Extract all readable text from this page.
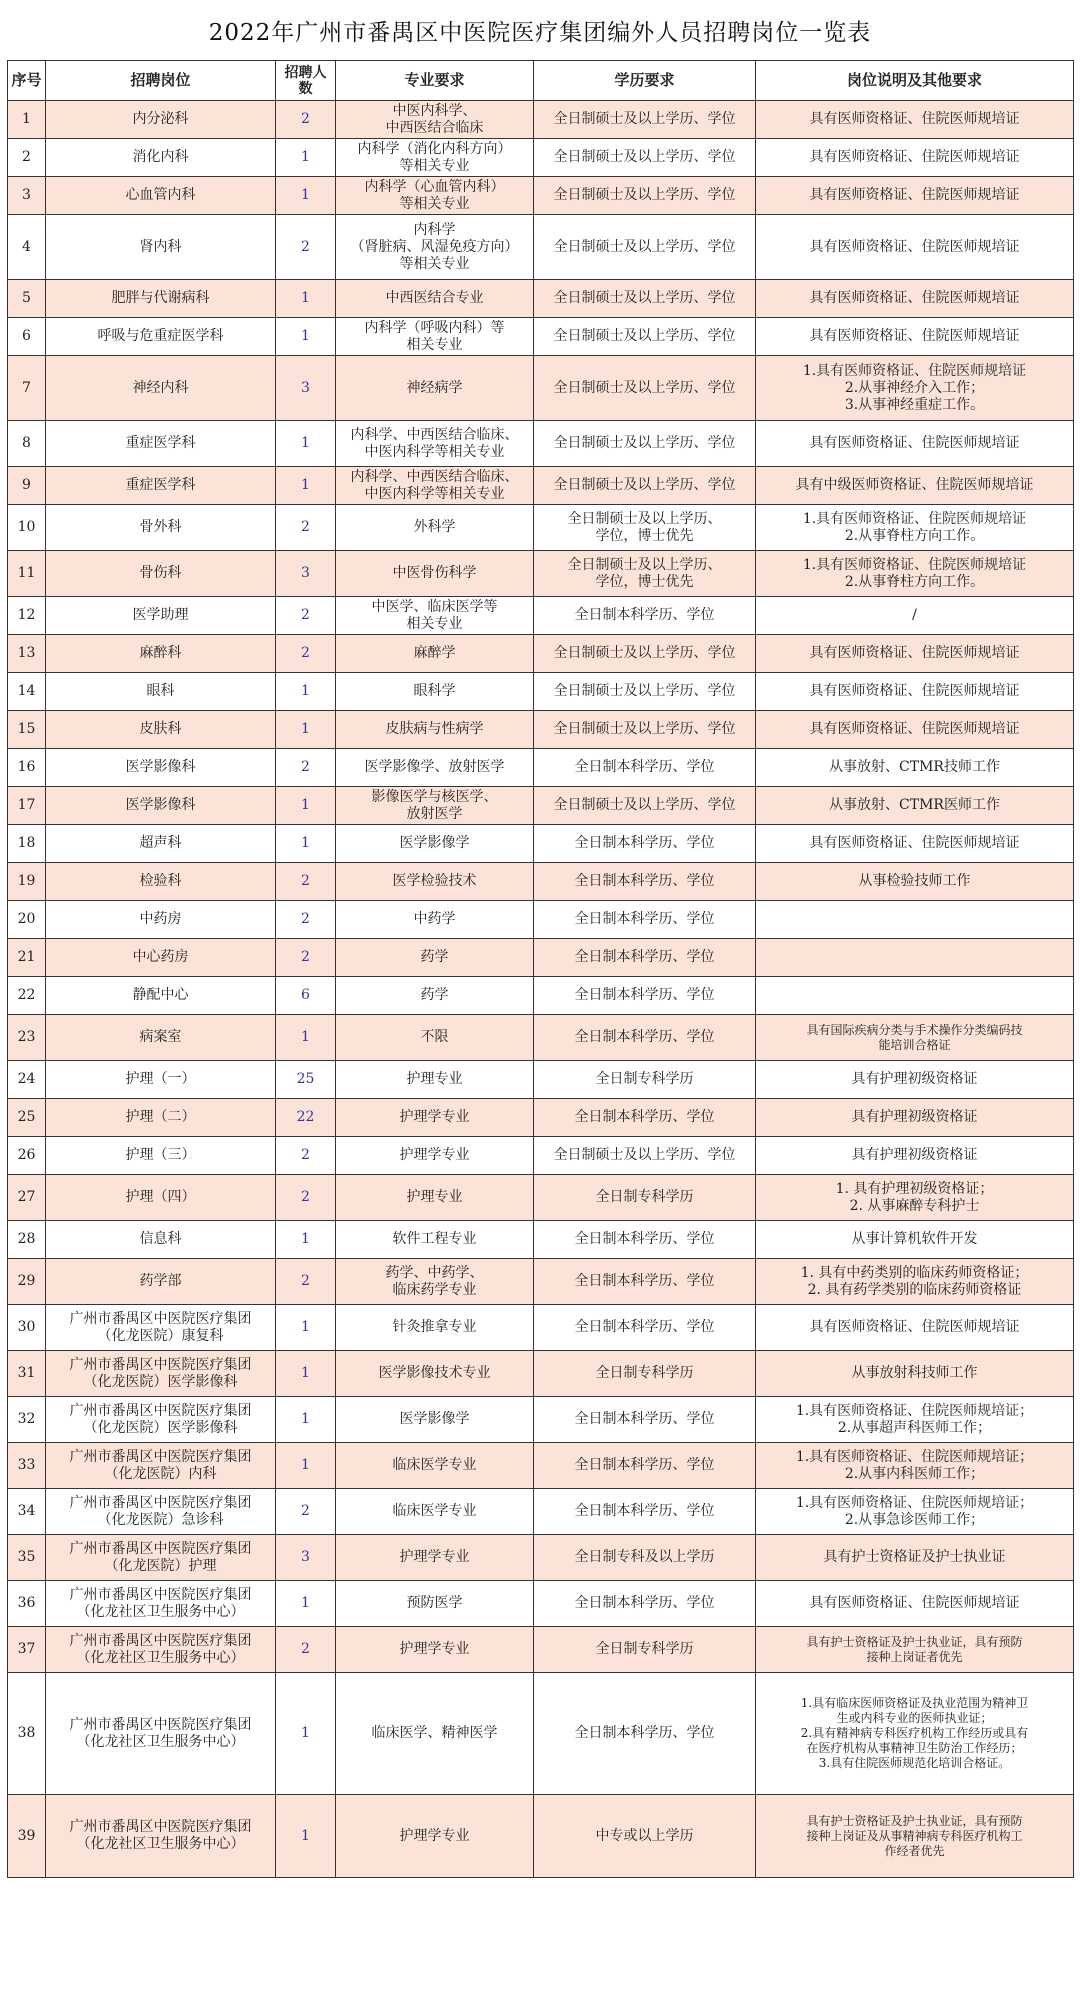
2022年广州市番禺区中医院医疗集团编外人员招聘岗位一览表
序号	招聘岗位	招聘人数	专业要求	学历要求	岗位说明及其他要求
1	内分泌科	2	中医内科学、
中西医结合临床	全日制硕士及以上学历、学位	具有医师资格证、住院医师规培证
2	消化内科	1	内科学（消化内科方向）
等相关专业	全日制硕士及以上学历、学位	具有医师资格证、住院医师规培证
3	心血管内科	1	内科学（心血管内科）
等相关专业	全日制硕士及以上学历、学位	具有医师资格证、住院医师规培证
4	肾内科	2	内科学
（肾脏病、风湿免疫方向）
等相关专业	全日制硕士及以上学历、学位	具有医师资格证、住院医师规培证
5	肥胖与代谢病科	1	中西医结合专业	全日制硕士及以上学历、学位	具有医师资格证、住院医师规培证
6	呼吸与危重症医学科	1	内科学（呼吸内科）等
相关专业	全日制硕士及以上学历、学位	具有医师资格证、住院医师规培证
7	神经内科	3	神经病学	全日制硕士及以上学历、学位	1.具有医师资格证、住院医师规培证
2.从事神经介入工作；
3.从事神经重症工作。
8	重症医学科	1	内科学、中西医结合临床、
中医内科学等相关专业	全日制硕士及以上学历、学位	具有医师资格证、住院医师规培证
9	重症医学科	1	内科学、中西医结合临床、
中医内科学等相关专业	全日制硕士及以上学历、学位	具有中级医师资格证、住院医师规培证
10	骨外科	2	外科学	全日制硕士及以上学历、
学位，博士优先	1.具有医师资格证、住院医师规培证
2.从事脊柱方向工作。
11	骨伤科	3	中医骨伤科学	全日制硕士及以上学历、
学位，博士优先	1.具有医师资格证、住院医师规培证
2.从事脊柱方向工作。
12	医学助理	2	中医学、临床医学等
相关专业	全日制本科学历、学位	/
13	麻醉科	2	麻醉学	全日制硕士及以上学历、学位	具有医师资格证、住院医师规培证
14	眼科	1	眼科学	全日制硕士及以上学历、学位	具有医师资格证、住院医师规培证
15	皮肤科	1	皮肤病与性病学	全日制硕士及以上学历、学位	具有医师资格证、住院医师规培证
16	医学影像科	2	医学影像学、放射医学	全日制本科学历、学位	从事放射、CTMR技师工作
17	医学影像科	1	影像医学与核医学、
放射医学	全日制硕士及以上学历、学位	从事放射、CTMR医师工作
18	超声科	1	医学影像学	全日制本科学历、学位	具有医师资格证、住院医师规培证
19	检验科	2	医学检验技术	全日制本科学历、学位	从事检验技师工作
20	中药房	2	中药学	全日制本科学历、学位	
21	中心药房	2	药学	全日制本科学历、学位	
22	静配中心	6	药学	全日制本科学历、学位	
23	病案室	1	不限	全日制本科学历、学位	具有国际疾病分类与手术操作分类编码技
能培训合格证
24	护理（一）	25	护理专业	全日制专科学历	具有护理初级资格证
25	护理（二）	22	护理学专业	全日制本科学历、学位	具有护理初级资格证
26	护理（三）	2	护理学专业	全日制硕士及以上学历、学位	具有护理初级资格证
27	护理（四）	2	护理专业	全日制专科学历	1. 具有护理初级资格证；
2. 从事麻醉专科护士
28	信息科	1	软件工程专业	全日制本科学历、学位	从事计算机软件开发
29	药学部	2	药学、中药学、
临床药学专业	全日制本科学历、学位	1. 具有中药类别的临床药师资格证；
2. 具有药学类别的临床药师资格证
30	广州市番禺区中医院医疗集团
（化龙医院）康复科	1	针灸推拿专业	全日制本科学历、学位	具有医师资格证、住院医师规培证
31	广州市番禺区中医院医疗集团
（化龙医院）医学影像科	1	医学影像技术专业	全日制专科学历	从事放射科技师工作
32	广州市番禺区中医院医疗集团
（化龙医院）医学影像科	1	医学影像学	全日制本科学历、学位	1.具有医师资格证、住院医师规培证；
2.从事超声科医师工作；
33	广州市番禺区中医院医疗集团
（化龙医院）内科	1	临床医学专业	全日制本科学历、学位	1.具有医师资格证、住院医师规培证；
2.从事内科医师工作；
34	广州市番禺区中医院医疗集团
（化龙医院）急诊科	2	临床医学专业	全日制本科学历、学位	1.具有医师资格证、住院医师规培证；
2.从事急诊医师工作；
35	广州市番禺区中医院医疗集团
（化龙医院）护理	3	护理学专业	全日制专科及以上学历	具有护士资格证及护士执业证
36	广州市番禺区中医院医疗集团
（化龙社区卫生服务中心）	1	预防医学	全日制本科学历、学位	具有医师资格证、住院医师规培证
37	广州市番禺区中医院医疗集团
（化龙社区卫生服务中心）	2	护理学专业	全日制专科学历	具有护士资格证及护士执业证，具有预防
接种上岗证者优先
38	广州市番禺区中医院医疗集团
（化龙社区卫生服务中心）	1	临床医学、精神医学	全日制本科学历、学位	1.具有临床医师资格证及执业范围为精神卫
生或内科专业的医师执业证；
2.具有精神病专科医疗机构工作经历或具有
在医疗机构从事精神卫生防治工作经历；
3.具有住院医师规范化培训合格证。
39	广州市番禺区中医院医疗集团
（化龙社区卫生服务中心）	1	护理学专业	中专或以上学历	具有护士资格证及护士执业证，具有预防
接种上岗证及从事精神病专科医疗机构工
作经者优先
